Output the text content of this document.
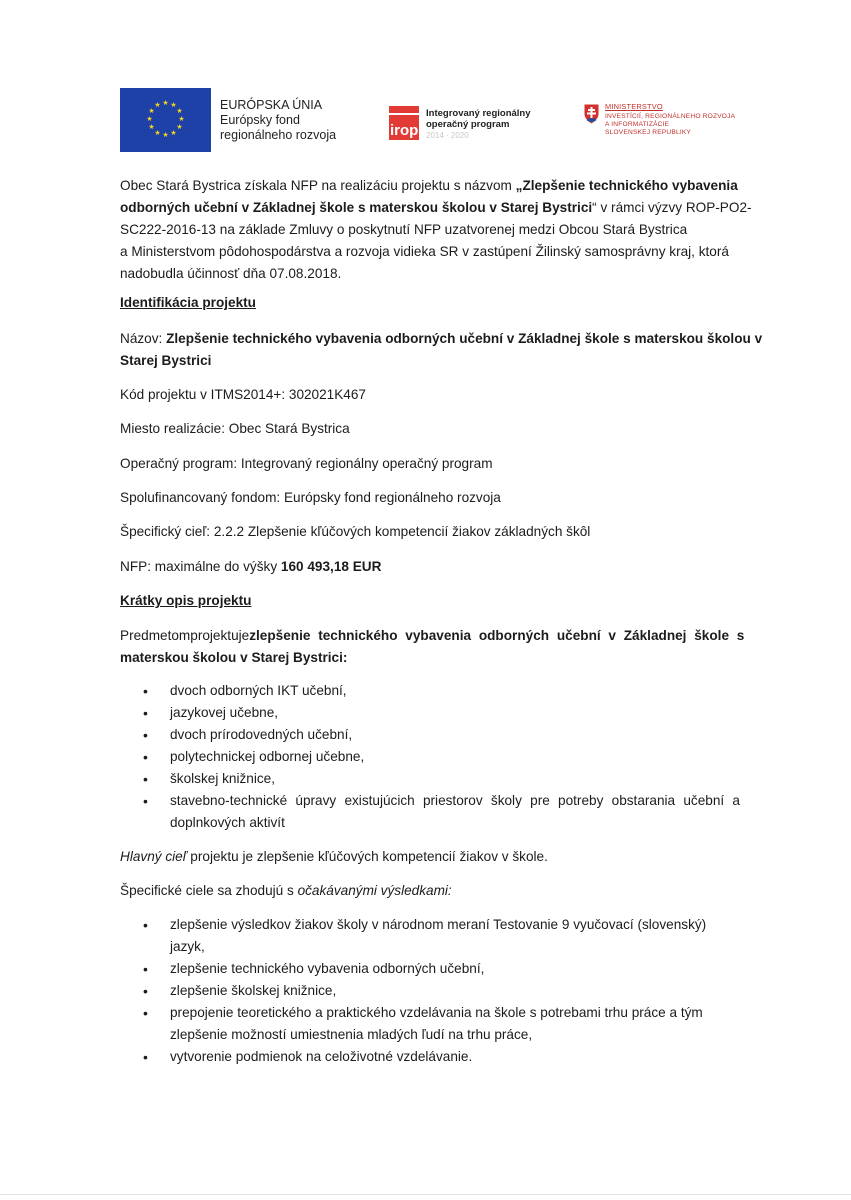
★ ★
★
★
★
★
★
★
★
★
★
★	EURÓPSKA ÚNIA
Európsky fond
regionálneho rozvoja	irop
Integrovaný regionálny
operačný program
2014 - 2020
MINISTERSTVO
INVESTÍCIÍ, REGIONÁLNEHO ROZVOJA
A INFORMATIZÁCIE
SLOVENSKEJ REPUBLIKY
Obec Stará Bystrica získala NFP na realizáciu projektu s názvom „Zlepšenie technického vybavenia
odborných učební v Základnej škole s materskou školou v Starej Bystrici“ v rámci výzvy ROP-PO2-
SC222-2016-13 na základe Zmluvy o poskytnutí NFP uzatvorenej medzi Obcou Stará Bystrica
a Ministerstvom pôdohospodárstva a rozvoja vidieka SR v zastúpení Žilinský samosprávny kraj, ktorá
nadobudla účinnosť dňa 07.08.2018.
Identifikácia projektu
Názov: Zlepšenie technického vybavenia odborných učební v Základnej škole s materskou školou v
Starej Bystrici
Kód projektu v ITMS2014+: 302021K467
Miesto realizácie: Obec Stará Bystrica
Operačný program: Integrovaný regionálny operačný program
Spolufinancovaný fondom: Európsky fond regionálneho rozvoja
Špecifický cieľ: 2.2.2 Zlepšenie kľúčových kompetencií žiakov základných škôl
NFP: maximálne do výšky 160 493,18 EUR
Krátky opis projektu
Predmetom projektu je zlepšenie technického vybavenia odborných učební v Základnej škole s
materskou školou v Starej Bystrici:
• dvoch odborných IKT učební,
• jazykovej učebne,
• dvoch prírodovedných učební,
• polytechnickej odbornej učebne,
• školskej knižnice,
• stavebno-technické úpravy existujúcich priestorov školy pre potreby obstarania učební a doplnkových aktivít
Hlavný cieľ projektu je zlepšenie kľúčových kompetencií žiakov v škole.
Špecifické ciele sa zhodujú s očakávanými výsledkami:
• zlepšenie výsledkov žiakov školy v národnom meraní Testovanie 9 vyučovací (slovenský) jazyk,
• zlepšenie technického vybavenia odborných učební,
• zlepšenie školskej knižnice,
• prepojenie teoretického a praktického vzdelávania na škole s potrebami trhu práce a tým zlepšenie možností umiestnenia mladých ľudí na trhu práce,
• vytvorenie podmienok na celoživotné vzdelávanie.
